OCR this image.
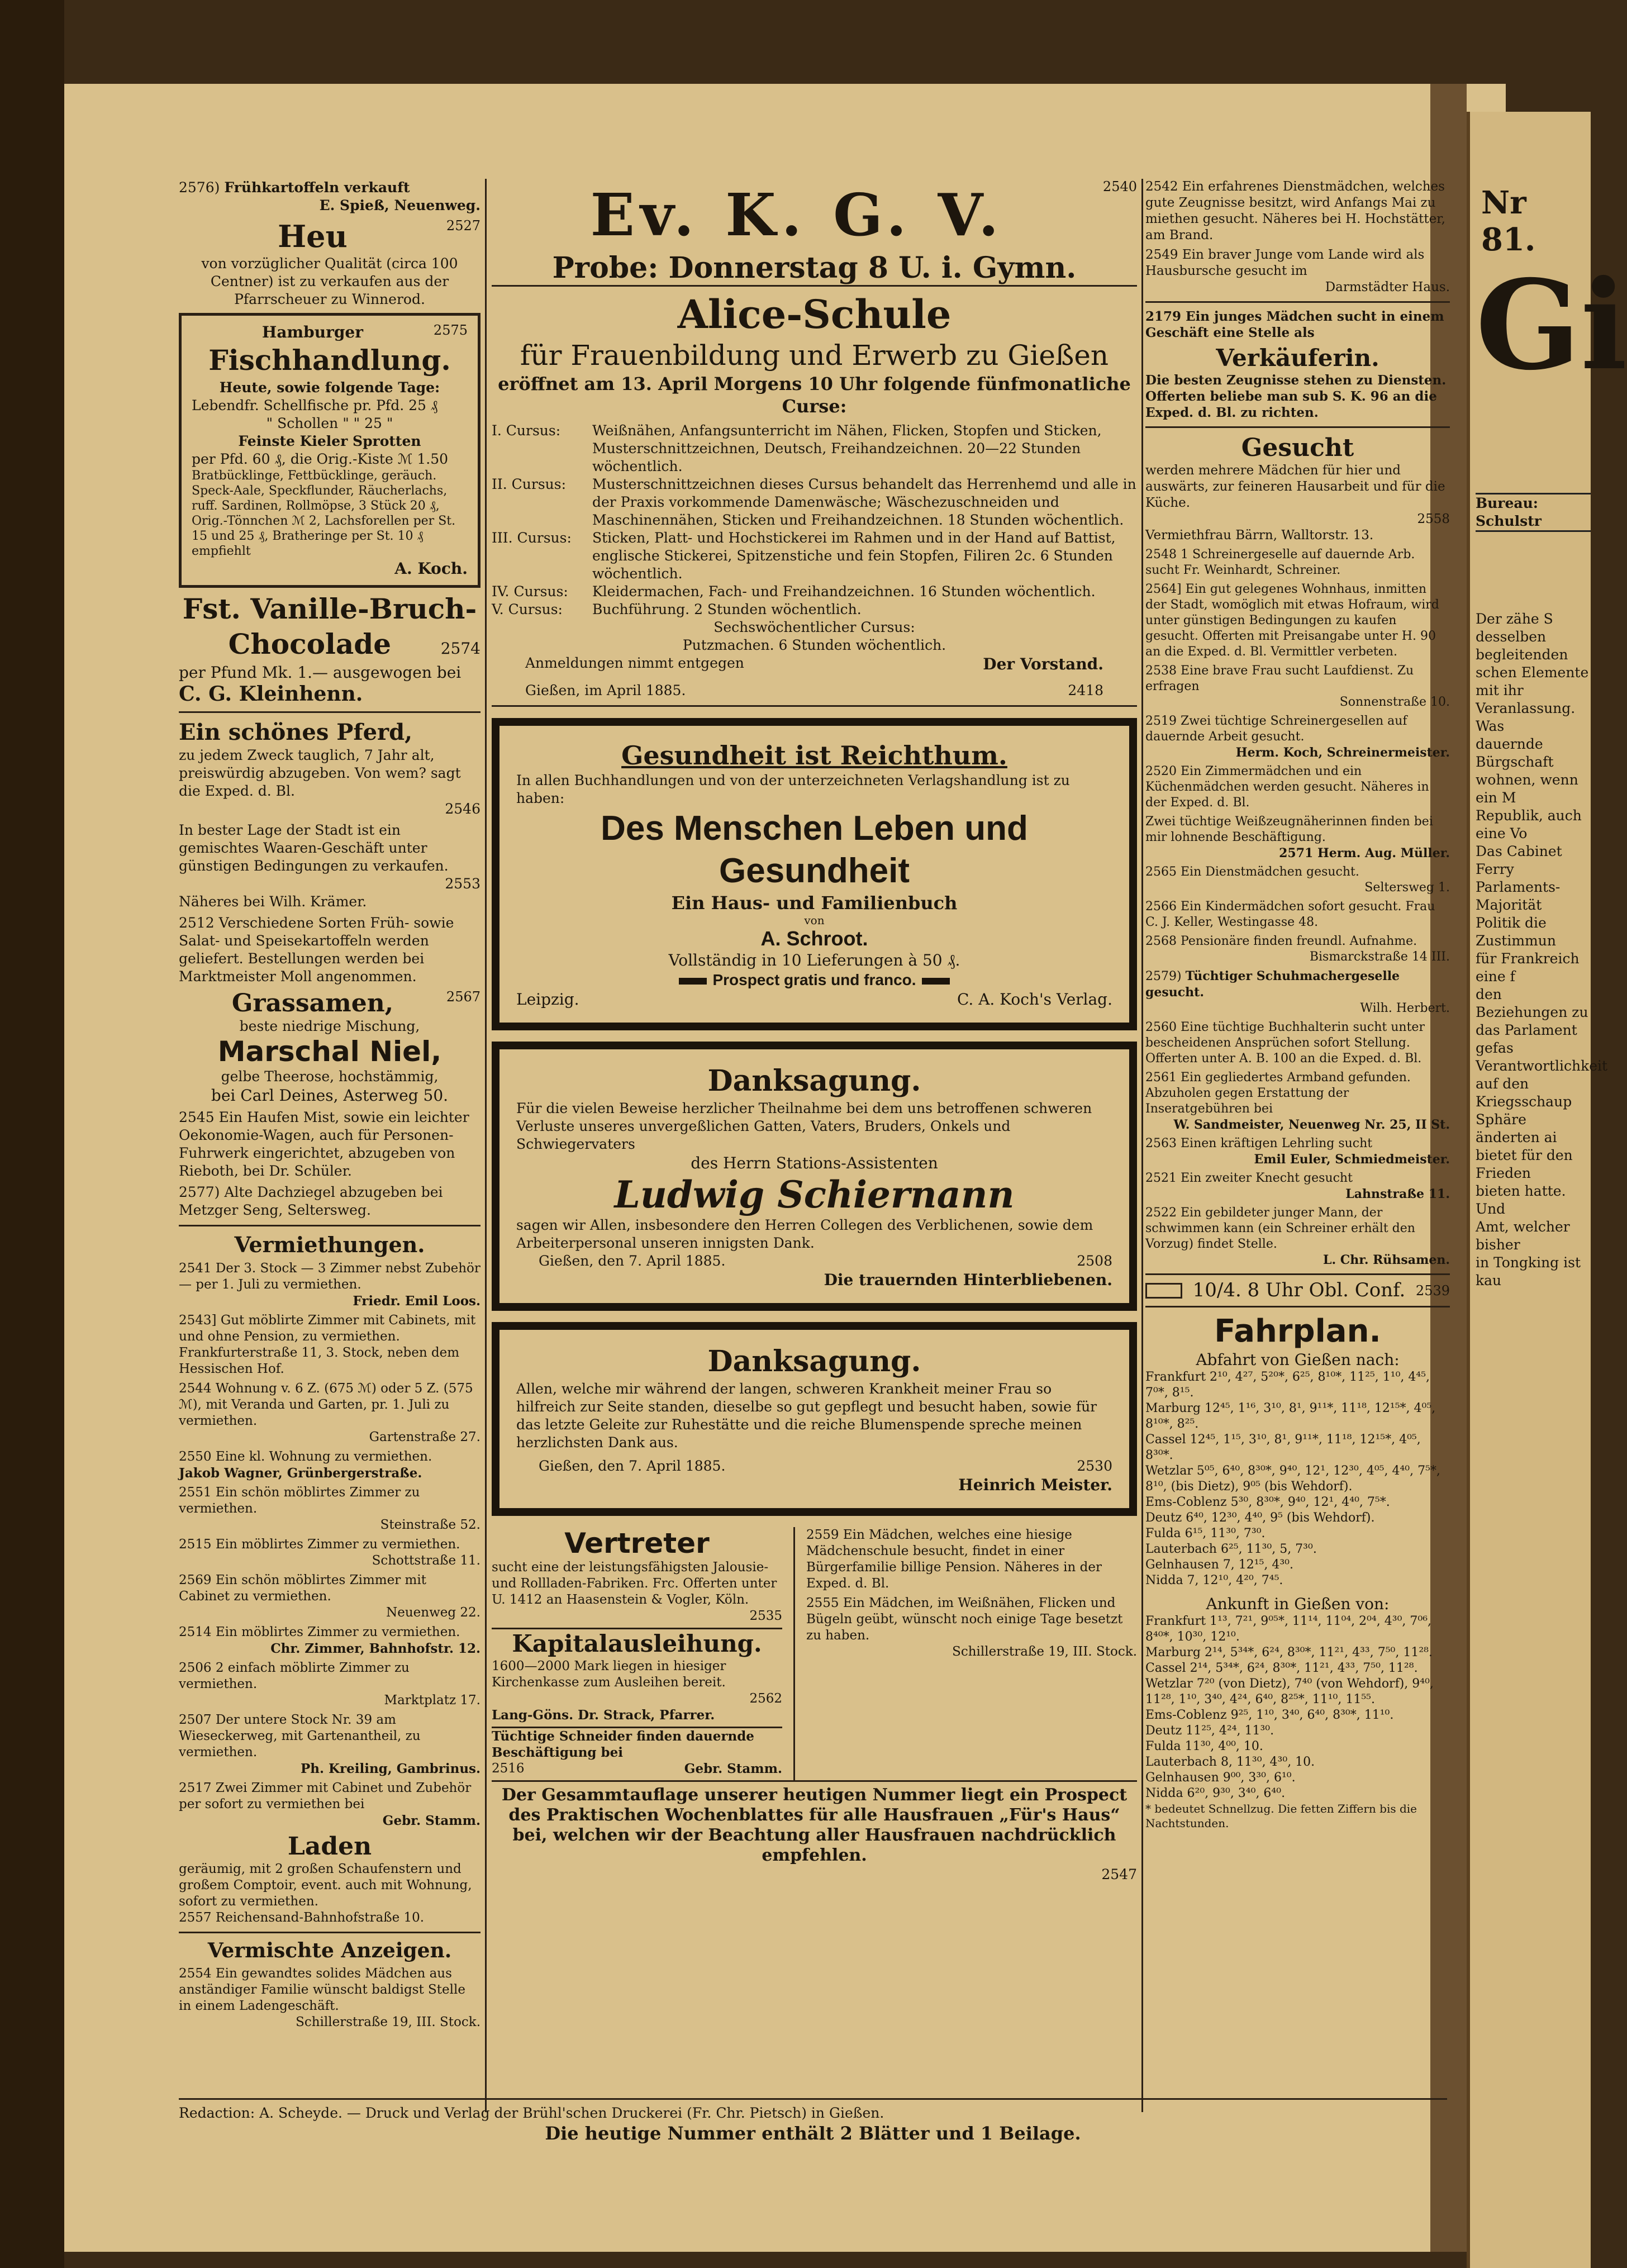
Nr 81.

Gi

Bureau: Schulstr

Der zähe S

desselben begleitenden

schen Elemente mit ihr

Veranlassung. Was

dauernde Bürgschaft

wohnen, wenn ein M

Republik, auch eine Vo

Das Cabinet Ferry

Parlaments-Majorität

Politik die Zustimmun

für Frankreich eine f

den Beziehungen zu

das Parlament gefas

Verantwortlichkeit

auf den Kriegsschaup

Sphäre änderten ai

bietet für den Frieden

bieten hatte. Und

Amt, welcher bisher

in Tongking ist kau

2576) Frühkartoffeln verkauft

E. Spieß, Neuenweg.

Heu	2527

von vorzüglicher Qualität (circa 100 Centner) ist zu verkaufen aus der Pfarrscheuer zu Winnerod.

Hamburger	2575

Fischhandlung.

Heute, sowie folgende Tage:

Lebendfr. Schellfische pr. Pfd. 25 ₰

" Schollen " " 25 "

Feinste Kieler Sprotten

per Pfd. 60 ₰, die Orig.-Kiste ℳ 1.50

Bratbücklinge, Fettbücklinge, geräuch. Speck-Aale, Speckflunder, Räucherlachs, ruff. Sardinen, Rollmöpse, 3 Stück 20 ₰, Orig.-Tönnchen ℳ 2, Lachsforellen per St. 15 und 25 ₰, Bratheringe per St. 10 ₰ empfiehlt

A. Koch.

Fst. Vanille-Bruch-

Chocolade	2574

per Pfund Mk. 1.— ausgewogen bei

C. G. Kleinhenn.

Ein schönes Pferd,

zu jedem Zweck tauglich, 7 Jahr alt, preiswürdig abzugeben. Von wem? sagt die Exped. d. Bl.

2546

In bester Lage der Stadt ist ein gemischtes Waaren-Geschäft unter günstigen Bedingungen zu verkaufen.

2553

Näheres bei Wilh. Krämer.

2512 Verschiedene Sorten Früh- sowie Salat- und Speisekartoffeln werden geliefert. Bestellungen werden bei Marktmeister Moll angenommen.

Grassamen,	2567

beste niedrige Mischung,

Marschal Niel,

gelbe Theerose, hochstämmig,

bei Carl Deines, Asterweg 50.

2545 Ein Haufen Mist, sowie ein leichter Oekonomie-Wagen, auch für Personen-Fuhrwerk eingerichtet, abzugeben von Rieboth, bei Dr. Schüler.

2577) Alte Dachziegel abzugeben bei Metzger Seng, Seltersweg.

Vermiethungen.

2541 Der 3. Stock — 3 Zimmer nebst Zubehör — per 1. Juli zu vermiethen.

Friedr. Emil Loos.

2543] Gut möblirte Zimmer mit Cabinets, mit und ohne Pension, zu vermiethen. Frankfurterstraße 11, 3. Stock, neben dem Hessischen Hof.

2544 Wohnung v. 6 Z. (675 ℳ) oder 5 Z. (575 ℳ), mit Veranda und Garten, pr. 1. Juli zu vermiethen.

Gartenstraße 27.

2550 Eine kl. Wohnung zu vermiethen.

Jakob Wagner, Grünbergerstraße.

2551 Ein schön möblirtes Zimmer zu vermiethen.

Steinstraße 52.

2515 Ein möblirtes Zimmer zu vermiethen.

Schottstraße 11.

2569 Ein schön möblirtes Zimmer mit Cabinet zu vermiethen.

Neuenweg 22.

2514 Ein möblirtes Zimmer zu vermiethen.

Chr. Zimmer, Bahnhofstr. 12.

2506 2 einfach möblirte Zimmer zu vermiethen.

Marktplatz 17.

2507 Der untere Stock Nr. 39 am Wieseckerweg, mit Gartenantheil, zu vermiethen.

Ph. Kreiling, Gambrinus.

2517 Zwei Zimmer mit Cabinet und Zubehör per sofort zu vermiethen bei

Gebr. Stamm.

Laden

geräumig, mit 2 großen Schaufenstern und großem Comptoir, event. auch mit Wohnung, sofort zu vermiethen.

2557 Reichensand-Bahnhofstraße 10.

Vermischte Anzeigen.

2554 Ein gewandtes solides Mädchen aus anständiger Familie wünscht baldigst Stelle in einem Ladengeschäft.

Schillerstraße 19, III. Stock.

Ev. K. G. V.	2540

Probe: Donnerstag 8 U. i. Gymn.

Alice-Schule

für Frauenbildung und Erwerb zu Gießen

eröffnet am 13. April Morgens 10 Uhr folgende fünfmonatliche Curse:

I. Cursus:	Weißnähen, Anfangsunterricht im Nähen, Flicken, Stopfen und Sticken, Musterschnittzeichnen, Deutsch, Freihandzeichnen. 20—22 Stunden wöchentlich.

II. Cursus:	Musterschnittzeichnen dieses Cursus behandelt das Herrenhemd und alle in der Praxis vorkommende Damenwäsche; Wäschezuschneiden und Maschinennähen, Sticken und Freihandzeichnen. 18 Stunden wöchentlich.

III. Cursus:	Sticken, Platt- und Hochstickerei im Rahmen und in der Hand auf Battist, englische Stickerei, Spitzenstiche und fein Stopfen, Filiren 2c. 6 Stunden wöchentlich.

IV. Cursus:	Kleidermachen, Fach- und Freihandzeichnen. 16 Stunden wöchentlich.

V. Cursus:	Buchführung. 2 Stunden wöchentlich.

Sechswöchentlicher Cursus:

Putzmachen. 6 Stunden wöchentlich.

Anmeldungen nimmt entgegen	Der Vorstand.

Gießen, im April 1885.	2418

Gesundheit ist Reichthum.

In allen Buchhandlungen und von der unterzeichneten Verlagshandlung ist zu haben:

Des Menschen Leben und Gesundheit

Ein Haus- und Familienbuch

von

A. Schroot.

Vollständig in 10 Lieferungen à 50 ₰.

Prospect gratis und franco.

Leipzig.	C. A. Koch's Verlag.

Danksagung.

Für die vielen Beweise herzlicher Theilnahme bei dem uns betroffenen schweren Verluste unseres unvergeßlichen Gatten, Vaters, Bruders, Onkels und Schwiegervaters

des Herrn Stations-Assistenten

Ludwig Schiernann

sagen wir Allen, insbesondere den Herren Collegen des Verblichenen, sowie dem Arbeiterpersonal unseren innigsten Dank.

Gießen, den 7. April 1885.	2508

Die trauernden Hinterbliebenen.

Danksagung.

Allen, welche mir während der langen, schweren Krankheit meiner Frau so hilfreich zur Seite standen, dieselbe so gut gepflegt und besucht haben, sowie für das letzte Geleite zur Ruhestätte und die reiche Blumenspende spreche meinen herzlichsten Dank aus.

Gießen, den 7. April 1885.	2530

Heinrich Meister.

Vertreter

sucht eine der leistungsfähigsten Jalousie- und Rollladen-Fabriken. Frc. Offerten unter U. 1412 an Haasenstein & Vogler, Köln.

2535

Kapitalausleihung.

1600—2000 Mark liegen in hiesiger Kirchenkasse zum Ausleihen bereit.

2562

Lang-Göns. Dr. Strack, Pfarrer.

Tüchtige Schneider finden dauernde Beschäftigung bei

2516	Gebr. Stamm.

2559 Ein Mädchen, welches eine hiesige Mädchenschule besucht, findet in einer Bürgerfamilie billige Pension. Näheres in der Exped. d. Bl.

2555 Ein Mädchen, im Weißnähen, Flicken und Bügeln geübt, wünscht noch einige Tage besetzt zu haben.

Schillerstraße 19, III. Stock.

Der Gesammtauflage unserer heutigen Nummer liegt ein Prospect des Praktischen Wochenblattes für alle Hausfrauen „Für's Haus“ bei, welchen wir der Beachtung aller Hausfrauen nachdrücklich empfehlen.

2547

2542 Ein erfahrenes Dienstmädchen, welches gute Zeugnisse besitzt, wird Anfangs Mai zu miethen gesucht. Näheres bei H. Hochstätter, am Brand.

2549 Ein braver Junge vom Lande wird als Hausbursche gesucht im

Darmstädter Haus.

2179 Ein junges Mädchen sucht in einem Geschäft eine Stelle als

Verkäuferin.

Die besten Zeugnisse stehen zu Diensten. Offerten beliebe man sub S. K. 96 an die Exped. d. Bl. zu richten.

Gesucht

werden mehrere Mädchen für hier und auswärts, zur feineren Hausarbeit und für die Küche.

2558

Vermiethfrau Bärrn, Walltorstr. 13.

2548 1 Schreinergeselle auf dauernde Arb. sucht Fr. Weinhardt, Schreiner.

2564] Ein gut gelegenes Wohnhaus, inmitten der Stadt, womöglich mit etwas Hofraum, wird unter günstigen Bedingungen zu kaufen gesucht. Offerten mit Preisangabe unter H. 90 an die Exped. d. Bl. Vermittler verbeten.

2538 Eine brave Frau sucht Laufdienst. Zu erfragen

Sonnenstraße 10.

2519 Zwei tüchtige Schreinergesellen auf dauernde Arbeit gesucht.

Herm. Koch, Schreinermeister.

2520 Ein Zimmermädchen und ein Küchenmädchen werden gesucht. Näheres in der Exped. d. Bl.

Zwei tüchtige Weißzeugnäherinnen finden bei mir lohnende Beschäftigung.

2571 Herm. Aug. Müller.

2565 Ein Dienstmädchen gesucht.

Seltersweg 1.

2566 Ein Kindermädchen sofort gesucht. Frau C. J. Keller, Westingasse 48.

2568 Pensionäre finden freundl. Aufnahme.

Bismarckstraße 14 III.

2579) Tüchtiger Schuhmachergeselle gesucht.

Wilh. Herbert.

2560 Eine tüchtige Buchhalterin sucht unter bescheidenen Ansprüchen sofort Stellung. Offerten unter A. B. 100 an die Exped. d. Bl.

2561 Ein gegliedertes Armband gefunden. Abzuholen gegen Erstattung der Inseratgebühren bei

W. Sandmeister, Neuenweg Nr. 25, II St.

2563 Einen kräftigen Lehrling sucht

Emil Euler, Schmiedmeister.

2521 Ein zweiter Knecht gesucht

Lahnstraße 11.

2522 Ein gebildeter junger Mann, der schwimmen kann (ein Schreiner erhält den Vorzug) findet Stelle.

L. Chr. Rühsamen.

10/4. 8 Uhr Obl. Conf. 2539

Fahrplan.

Abfahrt von Gießen nach:

Frankfurt 2¹⁰, 4²⁷, 5²⁰*, 6²⁵, 8¹⁰*, 11²⁵, 1¹⁰, 4⁴⁵, 7⁰*, 8¹⁵.

Marburg 12⁴⁵, 1¹⁶, 3¹⁰, 8¹, 9¹¹*, 11¹⁸, 12¹⁵*, 4⁰⁵, 8¹⁰*, 8²⁵.

Cassel 12⁴⁵, 1¹⁵, 3¹⁰, 8¹, 9¹¹*, 11¹⁸, 12¹⁵*, 4⁰⁵, 8³⁰*.

Wetzlar 5⁰⁵, 6⁴⁰, 8³⁰*, 9⁴⁰, 12¹, 12³⁰, 4⁰⁵, 4⁴⁰, 7⁵*, 8¹⁰, (bis Dietz), 9⁰⁵ (bis Wehdorf).

Ems-Coblenz 5³⁰, 8³⁰*, 9⁴⁰, 12¹, 4⁴⁰, 7⁵*.

Deutz 6⁴⁰, 12³⁰, 4⁴⁰, 9⁵ (bis Wehdorf).

Fulda 6¹⁵, 11³⁰, 7³⁰.

Lauterbach 6²⁵, 11³⁰, 5, 7³⁰.

Gelnhausen 7, 12¹⁵, 4³⁰.

Nidda 7, 12¹⁰, 4²⁰, 7⁴⁵.

Ankunft in Gießen von:

Frankfurt 1¹³, 7²¹, 9⁰⁵*, 11¹⁴, 11⁰⁴, 2⁰⁴, 4³⁰, 7⁰⁶, 8⁴⁰*, 10³⁰, 12¹⁰.

Marburg 2¹⁴, 5³⁴*, 6²⁴, 8³⁰*, 11²¹, 4³³, 7⁵⁰, 11²⁸.

Cassel 2¹⁴, 5³⁴*, 6²⁴, 8³⁰*, 11²¹, 4³³, 7⁵⁰, 11²⁸.

Wetzlar 7²⁰ (von Dietz), 7⁴⁰ (von Wehdorf), 9⁴⁰, 11²⁸, 1¹⁰, 3⁴⁰, 4²⁴, 6⁴⁰, 8²⁵*, 11¹⁰, 11⁵⁵.

Ems-Coblenz 9²⁵, 1¹⁰, 3⁴⁰, 6⁴⁰, 8³⁰*, 11¹⁰.

Deutz 11²⁵, 4²⁴, 11³⁰.

Fulda 11³⁰, 4⁰⁰, 10.

Lauterbach 8, 11³⁰, 4³⁰, 10.

Gelnhausen 9⁰⁰, 3³⁰, 6¹⁰.

Nidda 6²⁰, 9³⁰, 3⁴⁰, 6⁴⁰.

* bedeutet Schnellzug. Die fetten Ziffern bis die Nachtstunden.

Redaction: A. Scheyde. — Druck und Verlag der Brühl'schen Druckerei (Fr. Chr. Pietsch) in Gießen.

Die heutige Nummer enthält 2 Blätter und 1 Beilage.
